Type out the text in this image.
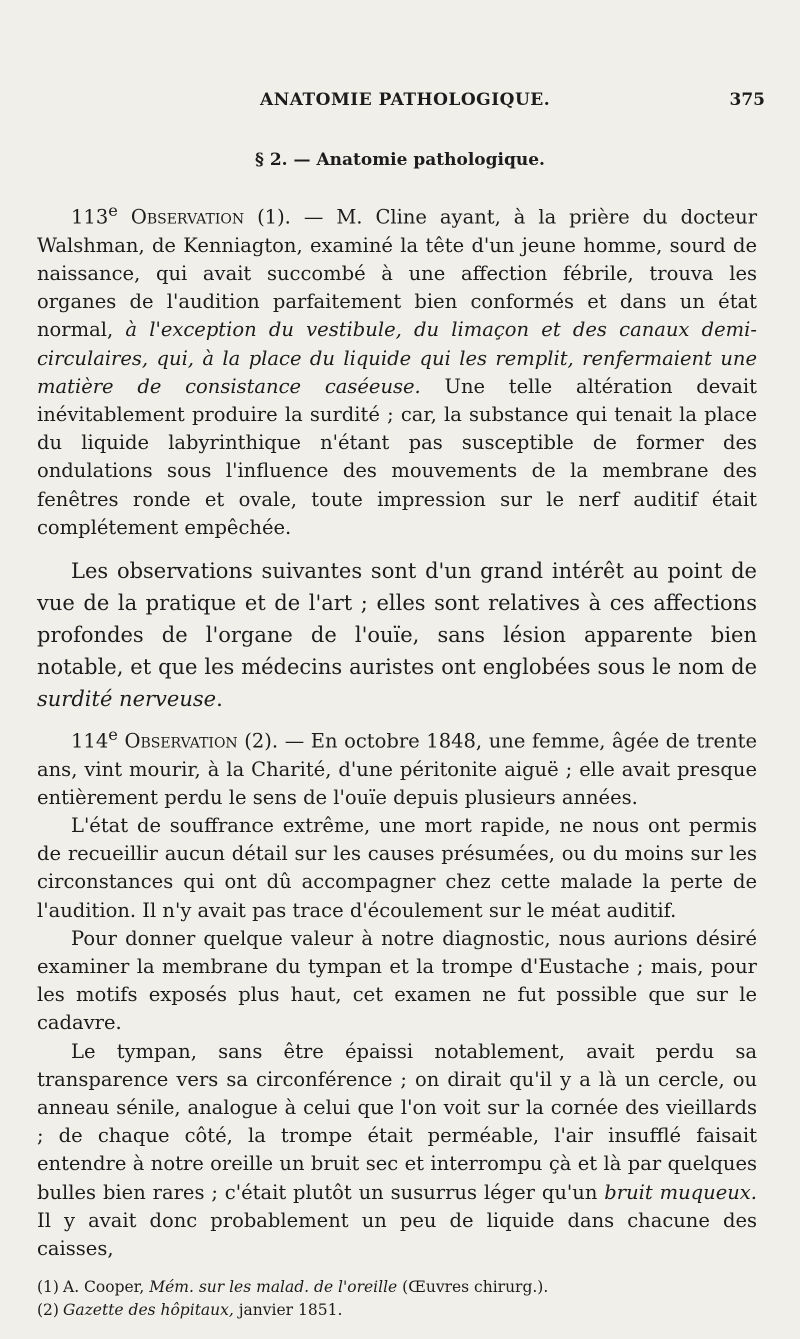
ANATOMIE PATHOLOGIQUE.	375
§ 2. — Anatomie pathologique.

113e Observation (1). — M. Cline ayant, à la prière du docteur Walshman, de Kenniagton, examiné la tête d'un jeune homme, sourd de naissance, qui avait succombé à une affection fébrile, trouva les organes de l'audition parfaitement bien conformés et dans un état normal, à l'exception du vestibule, du limaçon et des canaux demi-circulaires, qui, à la place du liquide qui les remplit, renfermaient une matière de consistance caséeuse. Une telle altération devait inévitablement produire la surdité ; car, la substance qui tenait la place du liquide labyrinthique n'étant pas susceptible de former des ondulations sous l'influence des mouvements de la membrane des fenêtres ronde et ovale, toute impression sur le nerf auditif était complétement empêchée.

Les observations suivantes sont d'un grand intérêt au point de vue de la pratique et de l'art ; elles sont relatives à ces affections profondes de l'organe de l'ouïe, sans lésion apparente bien notable, et que les médecins auristes ont englobées sous le nom de surdité nerveuse.

114e Observation (2). — En octobre 1848, une femme, âgée de trente ans, vint mourir, à la Charité, d'une péritonite aiguë ; elle avait presque entièrement perdu le sens de l'ouïe depuis plusieurs années.

L'état de souffrance extrême, une mort rapide, ne nous ont permis de recueillir aucun détail sur les causes présumées, ou du moins sur les circonstances qui ont dû accompagner chez cette malade la perte de l'audition. Il n'y avait pas trace d'écoulement sur le méat auditif.

Pour donner quelque valeur à notre diagnostic, nous aurions désiré examiner la membrane du tympan et la trompe d'Eustache ; mais, pour les motifs exposés plus haut, cet examen ne fut possible que sur le cadavre.

Le tympan, sans être épaissi notablement, avait perdu sa transparence vers sa circonférence ; on dirait qu'il y a là un cercle, ou anneau sénile, analogue à celui que l'on voit sur la cornée des vieillards ; de chaque côté, la trompe était perméable, l'air insufflé faisait entendre à notre oreille un bruit sec et interrompu çà et là par quelques bulles bien rares ; c'était plutôt un susurrus léger qu'un bruit muqueux. Il y avait donc probablement un peu de liquide dans chacune des caisses,

(1) A. Cooper, Mém. sur les malad. de l'oreille (Œuvres chirurg.).

(2) Gazette des hôpitaux, janvier 1851.
